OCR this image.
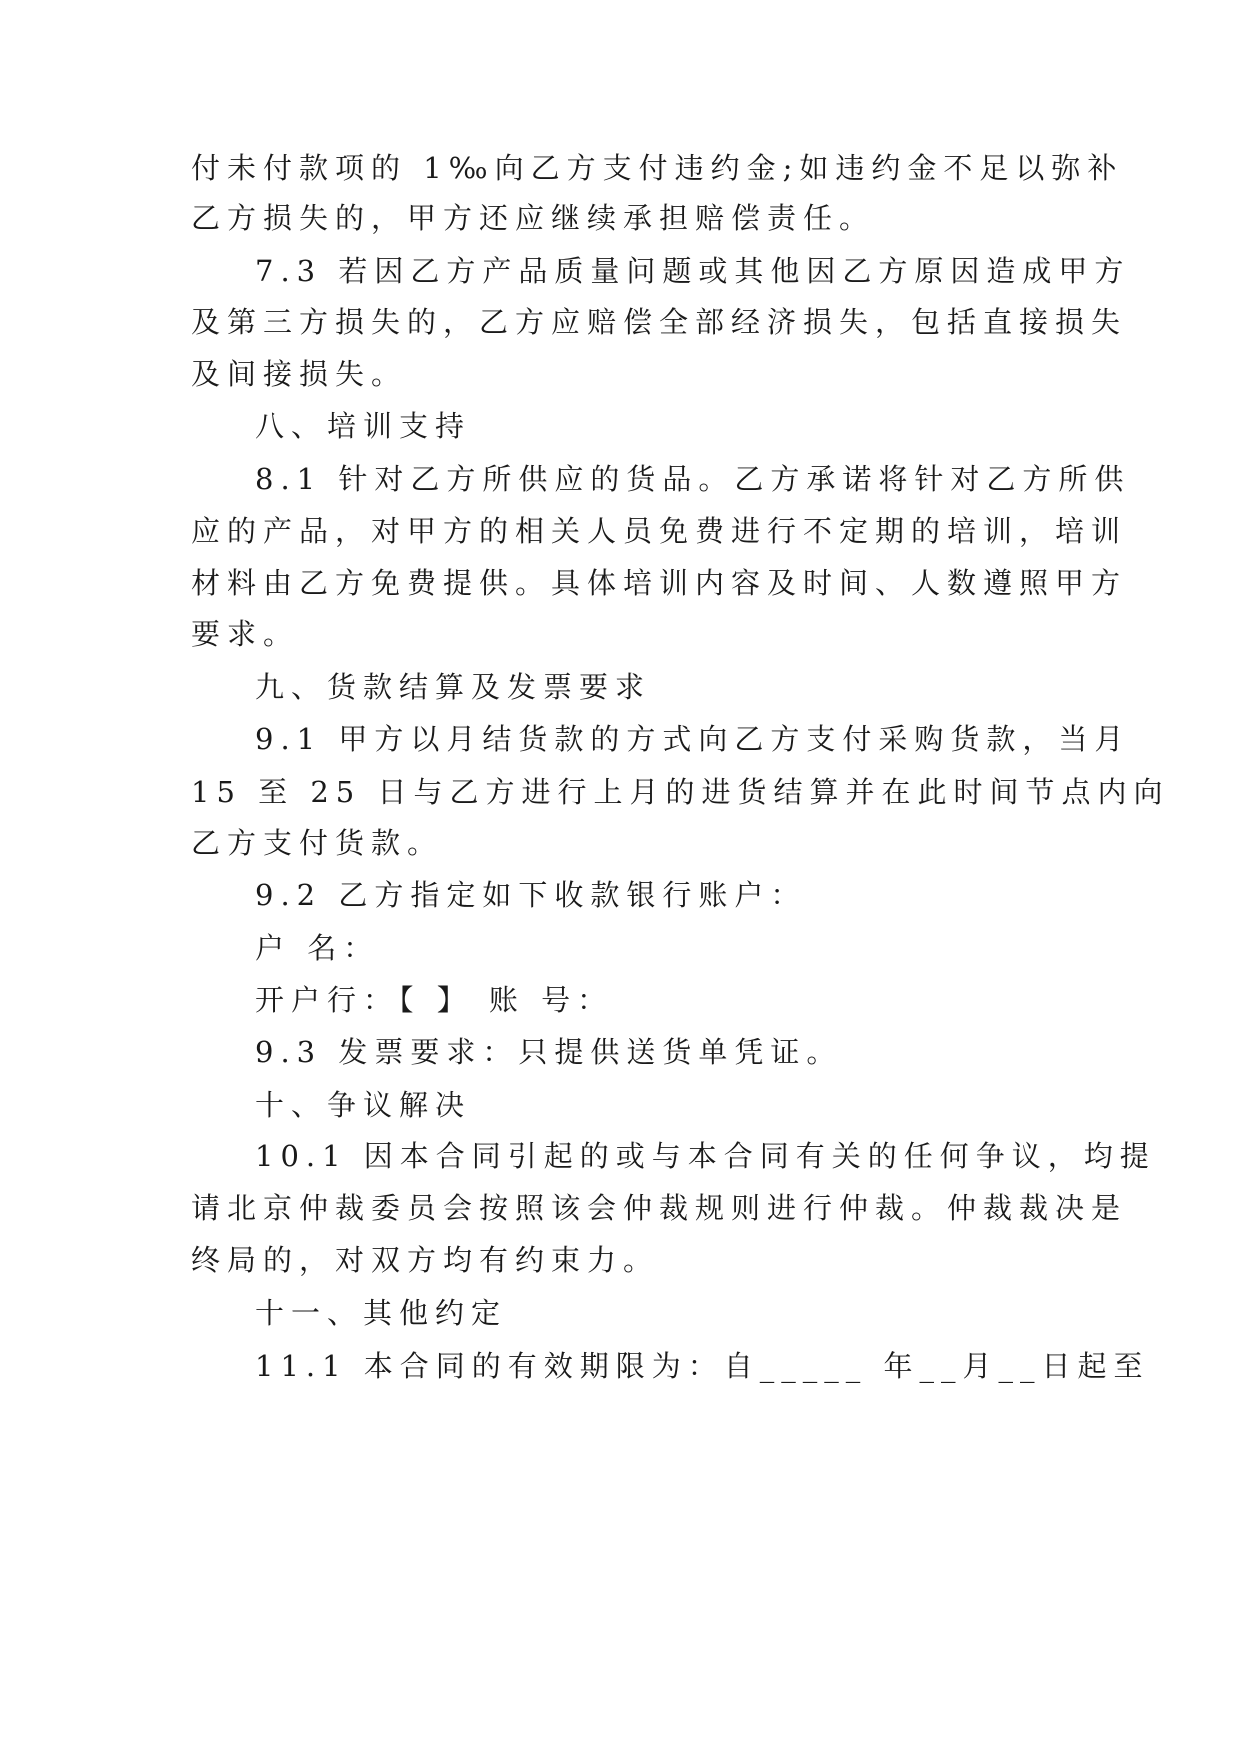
付未付款项的 1‰向乙方支付违约金;如违约金不足以弥补
乙方损失的，甲方还应继续承担赔偿责任。
7.3 若因乙方产品质量问题或其他因乙方原因造成甲方
及第三方损失的，乙方应赔偿全部经济损失，包括直接损失
及间接损失。
八、培训支持
8.1 针对乙方所供应的货品。乙方承诺将针对乙方所供
应的产品，对甲方的相关人员免费进行不定期的培训，培训
材料由乙方免费提供。具体培训内容及时间、人数遵照甲方
要求。
九、货款结算及发票要求
9.1 甲方以月结货款的方式向乙方支付采购货款，当月
15 至 25 日与乙方进行上月的进货结算并在此时间节点内向
乙方支付货款。
9.2 乙方指定如下收款银行账户：
户 名：
开户行：【 】 账 号：
9.3 发票要求：只提供送货单凭证。
十、争议解决
10.1 因本合同引起的或与本合同有关的任何争议，均提
请北京仲裁委员会按照该会仲裁规则进行仲裁。仲裁裁决是
终局的，对双方均有约束力。
十一、其他约定
11.1 本合同的有效期限为：自_____ 年__月__日起至
